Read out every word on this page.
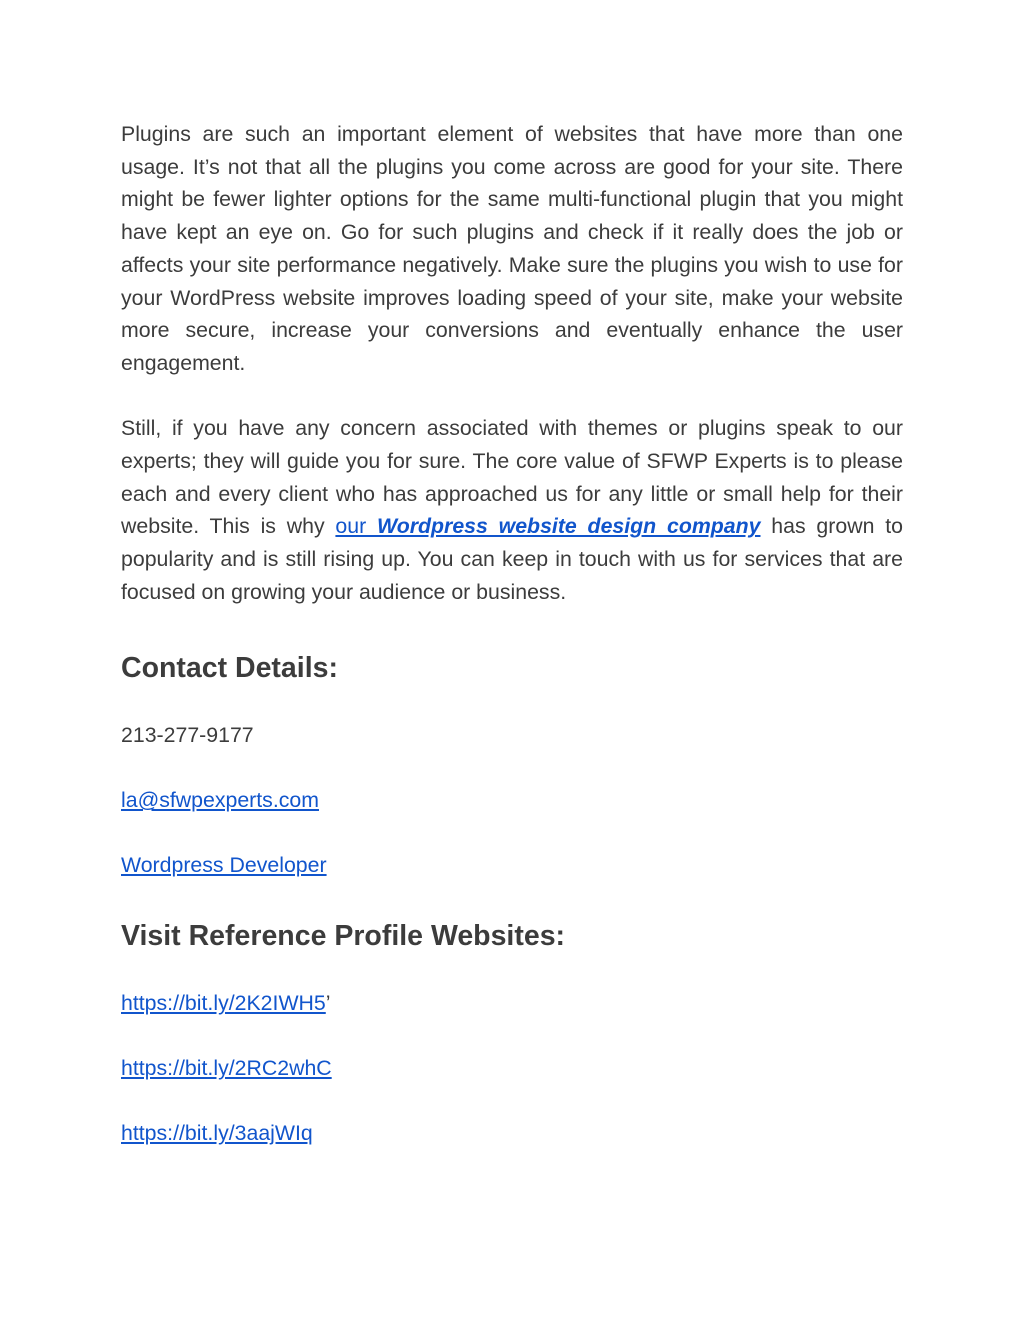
Plugins are such an important element of websites that have more than one usage. It’s not that all the plugins you come across are good for your site. There might be fewer lighter options for the same multi-functional plugin that you might have kept an eye on. Go for such plugins and check if it really does the job or affects your site performance negatively. Make sure the plugins you wish to use for your WordPress website improves loading speed of your site, make your website more secure, increase your conversions and eventually enhance the user engagement.

Still, if you have any concern associated with themes or plugins speak to our experts; they will guide you for sure. The core value of SFWP Experts is to please each and every client who has approached us for any little or small help for their website. This is why our Wordpress website design company has grown to popularity and is still rising up. You can keep in touch with us for services that are focused on growing your audience or business.

Contact Details:

213-277-9177

la@sfwpexperts.com

Wordpress Developer

Visit Reference Profile Websites:

https://bit.ly/2K2IWH5’

https://bit.ly/2RC2whC

https://bit.ly/3aajWIq
